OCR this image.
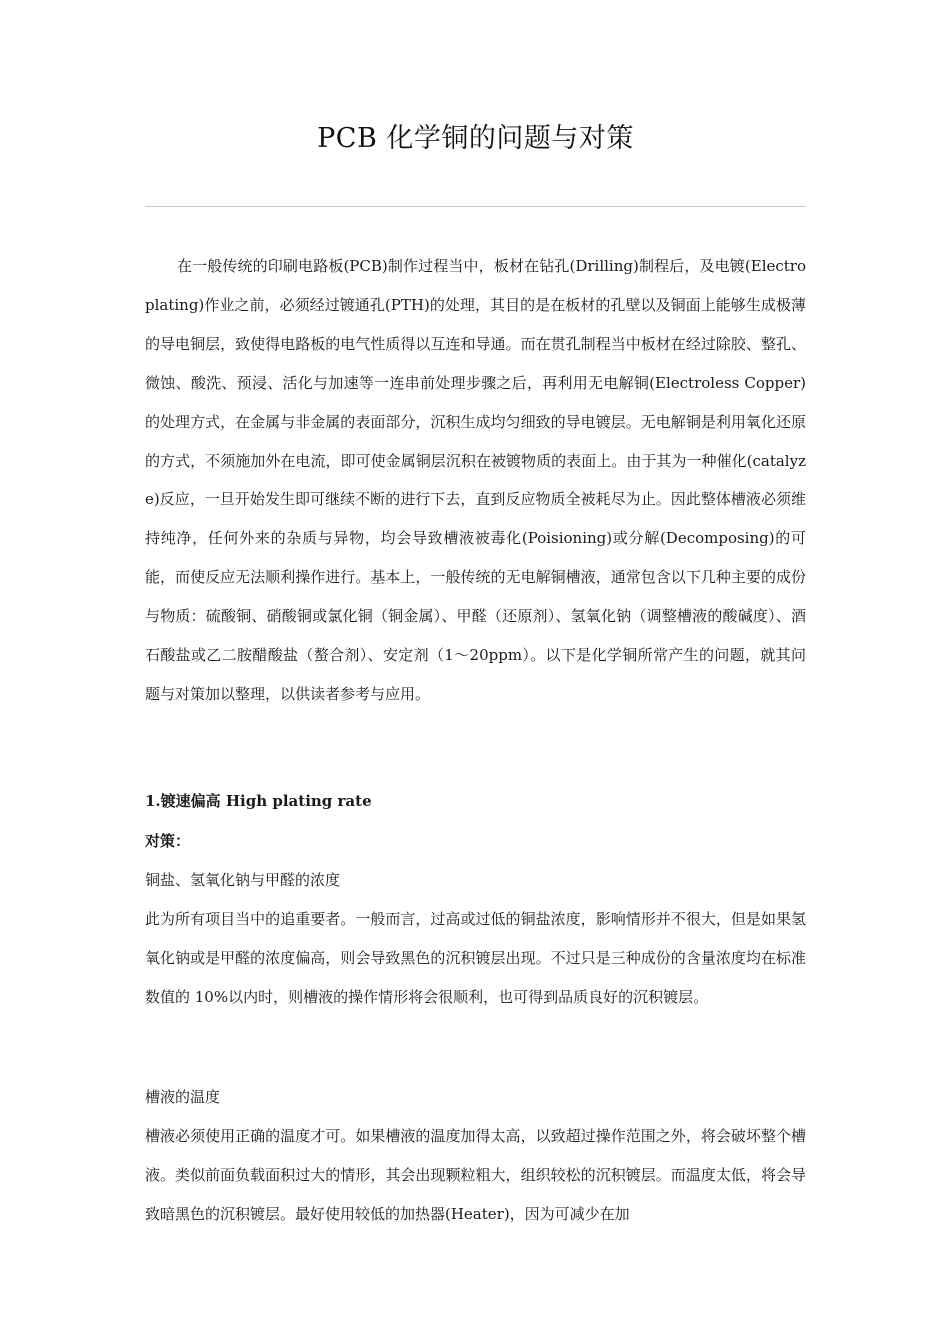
PCB 化学铜的问题与对策

在一般传统的印刷电路板(PCB)制作过程当中，板材在钻孔(Drilling)制程后，及电镀(Electroplating)作业之前，必须经过镀通孔(PTH)的处理，其目的是在板材的孔壁以及铜面上能够生成极薄的导电铜层，致使得电路板的电气性质得以互连和导通。而在贯孔制程当中板材在经过除胶、整孔、微蚀、酸洗、预浸、活化与加速等一连串前处理步骤之后，再利用无电解铜(Electroless Copper)的处理方式，在金属与非金属的表面部分，沉积生成均匀细致的导电镀层。无电解铜是利用氧化还原的方式，不须施加外在电流，即可使金属铜层沉积在被镀物质的表面上。由于其为一种催化(catalyze)反应，一旦开始发生即可继续不断的进行下去，直到反应物质全被耗尽为止。因此整体槽液必须维持纯净，任何外来的杂质与异物，均会导致槽液被毒化(Poisioning)或分解(Decomposing)的可能，而使反应无法顺利操作进行。基本上，一般传统的无电解铜槽液，通常包含以下几种主要的成份与物质：硫酸铜、硝酸铜或氯化铜（铜金属）、甲醛（还原剂）、氢氧化钠（调整槽液的酸碱度）、酒石酸盐或乙二胺醋酸盐（螯合剂）、安定剂（1～20ppm）。以下是化学铜所常产生的问题，就其问题与对策加以整理，以供读者参考与应用。

1.镀速偏高 High plating rate

对策：

铜盐、氢氧化钠与甲醛的浓度

此为所有项目当中的追重要者。一般而言，过高或过低的铜盐浓度，影响情形并不很大，但是如果氢氧化钠或是甲醛的浓度偏高，则会导致黑色的沉积镀层出现。不过只是三种成份的含量浓度均在标准数值的 10%以内时，则槽液的操作情形将会很顺利，也可得到品质良好的沉积镀层。

槽液的温度

槽液必须使用正确的温度才可。如果槽液的温度加得太高，以致超过操作范围之外，将会破坏整个槽液。类似前面负载面积过大的情形，其会出现颗粒粗大，组织较松的沉积镀层。而温度太低，将会导致暗黑色的沉积镀层。最好使用较低的加热器(Heater)，因为可减少在加
